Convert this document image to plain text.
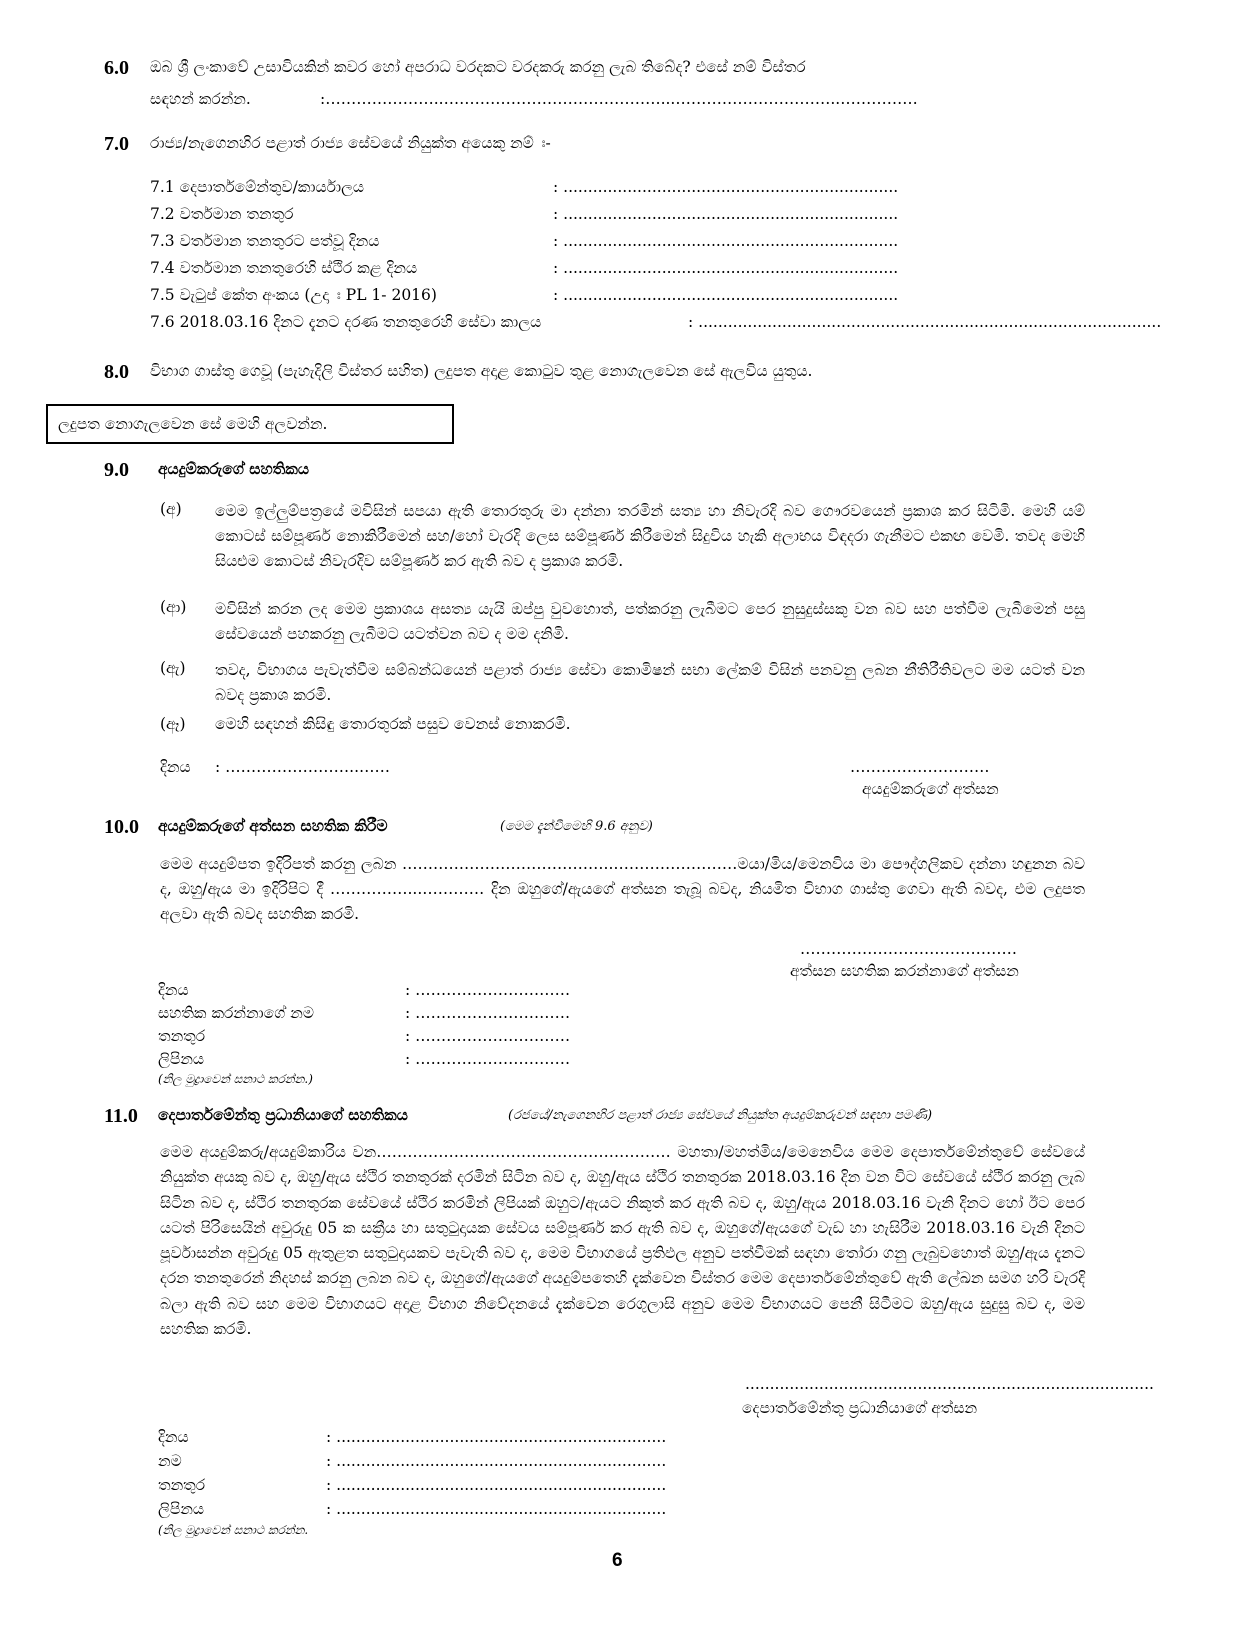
6.0 ඔබ ශ්‍රී ලංකාවේ උසාවියකින් කවර හෝ අපරාධ වරදකට වරදකරු කරනු ලැබ තිබේද? එසේ නම් විස්තර
සඳහන් කරන්න.	:…………………..……………………………………...…………………………..……………
7.0 රාජ්‍ය/නැගෙනහිර පළාත් රාජ්‍ය සේවයේ නියුක්ත අයෙකු නම් ඃ-
7.1 දෙපාර්තමේන්තුව/කාර්යාලය	: ....................................................................
7.2 වර්තමාන තනතුර	: ....................................................................
7.3 වර්තමාන තනතුරට පත්වූ දිනය	: ....................................................................
7.4 වර්තමාන තනතුරෙහි ස්ථිර කළ දිනය	: ....................................................................
7.5 වැටුප් කේත අංකය (උදා ඃ PL 1- 2016)	: ....................................................................
7.6 2018.03.16 දිනට දැනට දරණ තනතුරෙහි සේවා කාලය	: ..............................................................................................
8.0 විභාග ගාස්තු ගෙවූ (පැහැදිලි විස්තර සහිත) ලදුපත අදාළ කොටුව තුළ නොගැලවෙන සේ ඇලවිය යුතුය.
ලදුපත නොගැලවෙන සේ මෙහි අලවන්න.
9.0 අයදුම්කරුගේ සහතිකය
(අ) මෙම ඉල්ලුම්පත්‍රයේ මවිසින් සපයා ඇති තොරතුරු මා දන්නා තරමින් සත්‍ය හා නිවැරදි බව ගෞරවයෙන් ප්‍රකාශ කර සිටිමි. මෙහි යම් කොටස් සම්පූර්ණ නොකිරීමෙන් සහ/හෝ වැරදි ලෙස සම්පූර්ණ කිරීමෙන් සිදුවිය හැකි අලාභය විඳදරා ගැනීමට එකඟ වෙමි. තවද මෙහි සියළුම කොටස් නිවැරදිව සම්පූර්ණ කර ඇති බව ද ප්‍රකාශ කරමි.
(ආ) මවිසින් කරන ලද මෙම ප්‍රකාශය අසත්‍ය යැයි ඔප්පු වුවහොත්, පත්කරනු ලැබීමට පෙර නුසුදුස්සකු වන බව සහ පත්වීම ලැබීමෙන් පසු සේවයෙන් පහකරනු ලැබීමට යටත්වන බව ද මම දනිමි.
(ඇ) තවද, විභාගය පැවැත්වීම සම්බන්ධයෙන් පළාත් රාජ්‍ය සේවා කොමිෂන් සභා ලේකම් විසින් පනවනු ලබන නීතිරීතිවලට මම යටත් වන බවද ප්‍රකාශ කරමි.
(ඈ) මෙහි සඳහන් කිසිඳු තොරතුරක් පසුව වෙනස් නොකරමි.
දිනය : ……………………..……	………………………
අයදුම්කරුගේ අත්සන
10.0 අයදුම්කරුගේ අත්සන සහතික කිරීම	(මෙම දැන්වීමෙහි 9.6 අනුව)
මෙම අයදුම්පත ඉදිරිපත් කරනු ලබන …………………………………..……………………මයා/මිය/මෙනවිය මා පෞද්ගලිකව දන්නා හඳුනන බව ද, ඔහු/ඇය මා ඉදිරිපිට දී ……………...………… දින ඔහුගේ/ඇයගේ අත්සන තැබූ බවද, නියමිත විභාග ගාස්තු ගෙවා ඇති බවද, එම ලදුපත අලවා ඇති බවද සහතික කරමි.
……………………………………
අත්සන සහතික කරන්නාගේ අත්සන
දිනය	: …………………………
සහතික කරන්නාගේ නම	: …………………………
තනතුර	: …………………………
ලිපිනය	: …………………………
(නිල මුද්‍රාවෙන් සනාථ කරන්න.)
11.0 දෙපාර්තමේන්තු ප්‍රධානියාගේ සහතිකය	(රජයේ/නැගෙනහිර පළාත් රාජ්‍ය සේවයේ නියුක්ත අයදුම්කරුවන් සඳහා පමණි)
මෙම අයදුම්කරු/අයදුම්කාරිය වන………………………………………………… මහතා/මහත්මිය/මෙනෙවිය මෙම දෙපාර්තමේන්තුවේ සේවයේ නියුක්ත අයකු බව ද, ඔහු/ඇය ස්ථිර තනතුරක් දරමින් සිටින බව ද, ඔහු/ඇය ස්ථිර තනතුරක 2018.03.16 දින වන විට සේවයේ ස්ථිර කරනු ලැබ සිටින බව ද, ස්ථිර තනතුරක සේවයේ ස්ථිර කරමින් ලිපියක් ඔහුට/ඇයට නිකුත් කර ඇති බව ද, ඔහු/ඇය 2018.03.16 වැනි දිනට හෝ ඊට පෙර යටත් පිරිසෙයින් අවුරුදු 05 ක සක්‍රීය හා සතුටුදායක සේවය සම්පූර්ණ කර ඇති බව ද, ඔහුගේ/ඇයගේ වැඩ හා හැසිරීම 2018.03.16 වැනි දිනට පූර්වාසන්න අවුරුදු 05 ඇතුළත සතුටුදායකව පැවැති බව ද, මෙම විභාගයේ ප්‍රතිඵල අනුව පත්වීමක් සඳහා තෝරා ගනු ලැබුවහොත් ඔහු/ඇය දැනට දරන තනතුරෙන් නිදහස් කරනු ලබන බව ද, ඔහුගේ/ඇයගේ අයදුම්පතෙහි දැක්වෙන විස්තර මෙම දෙපාර්තමේන්තුවේ ඇති ලේඛන සමග හරි වැරදි බලා ඇති බව සහ මෙම විභාගයට අදාළ විභාග නිවේදනයේ දැක්වෙන රෙගුලාසි අනුව මෙම විභාගයට පෙනී සිටීමට ඔහු/ඇය සුදුසු බව ද, මම සහතික කරමි.
...................................................................................
දෙපාර්තමේන්තු ප්‍රධානියාගේ අත්සන
දිනය	: ...................................................................
නම	: ...................................................................
තනතුර	: ...................................................................
ලිපිනය	: ...................................................................
(නිල මුද්‍රාවෙන් සනාථ කරන්න.
6
